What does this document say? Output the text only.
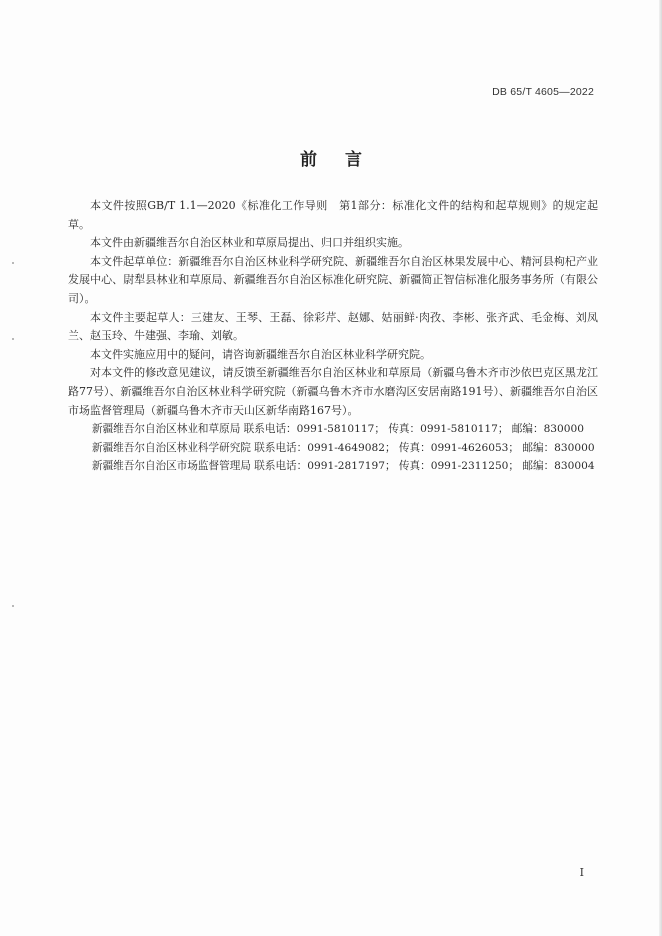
DB 65/T 4605—2022
前言

本文件按照GB/T 1.1—2020《标准化工作导则　第1部分：标准化文件的结构和起草规则》的规定起草。

本文件由新疆维吾尔自治区林业和草原局提出、归口并组织实施。

本文件起草单位：新疆维吾尔自治区林业科学研究院、新疆维吾尔自治区林果发展中心、精河县枸杞产业发展中心、尉犁县林业和草原局、新疆维吾尔自治区标准化研究院、新疆简正智信标准化服务事务所（有限公司）。

本文件主要起草人：三建友、王琴、王磊、徐彩芹、赵娜、姑丽鲜·肉孜、李彬、张齐武、毛金梅、刘凤兰、赵玉玲、牛建强、李瑜、刘敏。

本文件实施应用中的疑问，请咨询新疆维吾尔自治区林业科学研究院。

对本文件的修改意见建议，请反馈至新疆维吾尔自治区林业和草原局（新疆乌鲁木齐市沙依巴克区黑龙江路77号）、新疆维吾尔自治区林业科学研究院（新疆乌鲁木齐市水磨沟区安居南路191号）、新疆维吾尔自治区市场监督管理局（新疆乌鲁木齐市天山区新华南路167号）。

新疆维吾尔自治区林业和草原局 联系电话：0991-5810117； 传真：0991-5810117； 邮编：830000

新疆维吾尔自治区林业科学研究院 联系电话：0991-4649082； 传真：0991-4626053； 邮编：830000

新疆维吾尔自治区市场监督管理局 联系电话：0991-2817197； 传真：0991-2311250； 邮编：830004

I
